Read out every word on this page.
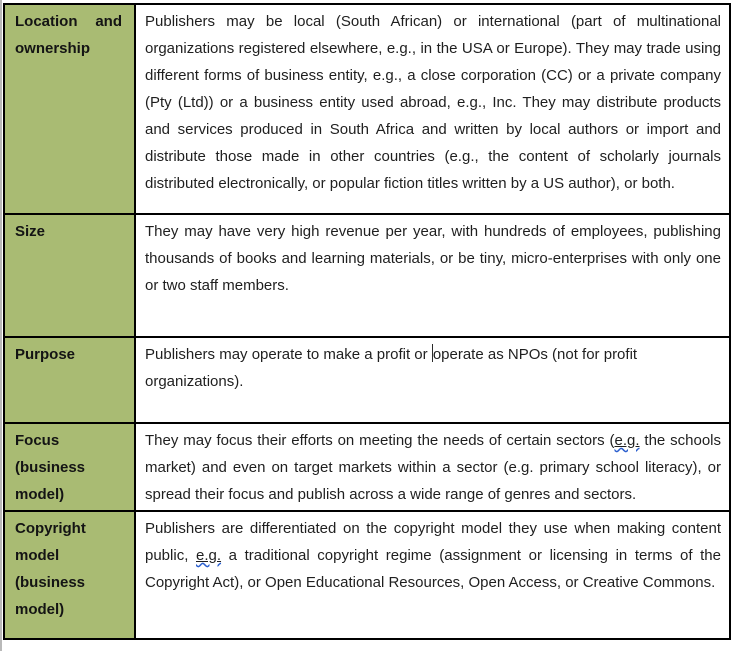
Location and ownership
Publishers may be local (South African) or international (part of multinational organizations registered elsewhere, e.g., in the USA or Europe). They may trade using different forms of business entity, e.g., a close corporation (CC) or a private company (Pty (Ltd)) or a business entity used abroad, e.g., Inc. They may distribute products and services produced in South Africa and written by local authors or import and distribute those made in other countries (e.g., the content of scholarly journals distributed electronically, or popular fiction titles written by a US author), or both.
Size	They may have very high revenue per year, with hundreds of employees, publishing thousands of books and learning materials, or be tiny, micro-enterprises with only one or two staff members.
Purpose	Publishers may operate to make a profit or operate as NPOs (not for profit organizations).
Focus (business model)
They may focus their efforts on meeting the needs of certain sectors (e.g. the schools market) and even on target markets within a sector (e.g. primary school literacy), or spread their focus and publish across a wide range of genres and sectors.
Copyright model (business model)
Publishers are differentiated on the copyright model they use when making content public, e.g. a traditional copyright regime (assignment or licensing in terms of the Copyright Act), or Open Educational Resources, Open Access, or Creative Commons.
